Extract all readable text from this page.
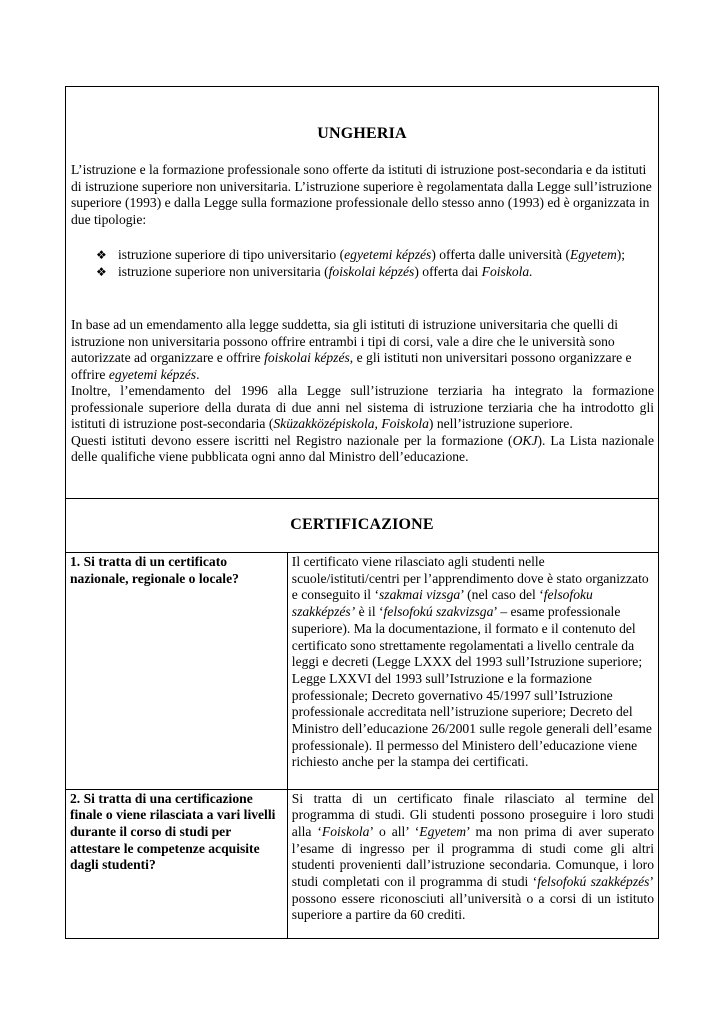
UNGHERIA

L’istruzione e la formazione professionale sono offerte da istituti di istruzione post-secondaria e da istituti di istruzione superiore non universitaria. L’istruzione superiore è regolamentata dalla Legge sull’istruzione superiore (1993) e dalla Legge sulla formazione professionale dello stesso anno (1993) ed è organizzata in due tipologie:

❖ istruzione superiore di tipo universitario (egyetemi képzés) offerta dalle università (Egyetem);
❖ istruzione superiore non universitaria (foiskolai képzés) offerta dai Foiskola.

In base ad un emendamento alla legge suddetta, sia gli istituti di istruzione universitaria che quelli di istruzione non universitaria possono offrire entrambi i tipi di corsi, vale a dire che le università sono autorizzate ad organizzare e offrire foiskolai képzés, e gli istituti non universitari possono organizzare e offrire egyetemi képzés.

Inoltre, l’emendamento del 1996 alla Legge sull’istruzione terziaria ha integrato la formazione professionale superiore della durata di due anni nel sistema di istruzione terziaria che ha introdotto gli istituti di istruzione post-secondaria (Sküzakközépiskola, Foiskola) nell’istruzione superiore.

Questi istituti devono essere iscritti nel Registro nazionale per la formazione (OKJ). La Lista nazionale delle qualifiche viene pubblicata ogni anno dal Ministro dell’educazione.

CERTIFICAZIONE
1. Si tratta di un certificato nazionale, regionale o locale?	Il certificato viene rilasciato agli studenti nelle scuole/istituti/centri per l’apprendimento dove è stato organizzato e conseguito il ‘szakmai vizsga’ (nel caso del ‘felsofoku szakképzés’ è il ‘felsofokú szakvizsga’ – esame professionale superiore). Ma la documentazione, il formato e il contenuto del certificato sono strettamente regolamentati a livello centrale da leggi e decreti (Legge LXXX del 1993 sull’Istruzione superiore; Legge LXXVI del 1993 sull’Istruzione e la formazione professionale; Decreto governativo 45/1997 sull’Istruzione professionale accreditata nell’istruzione superiore; Decreto del Ministro dell’educazione 26/2001 sulle regole generali dell’esame professionale). Il permesso del Ministero dell’educazione viene richiesto anche per la stampa dei certificati.
2. Si tratta di una certificazione finale o viene rilasciata a vari livelli durante il corso di studi per attestare le competenze acquisite dagli studenti?	Si tratta di un certificato finale rilasciato al termine del programma di studi. Gli studenti possono proseguire i loro studi alla ‘Foiskola’ o all’ ‘Egyetem’ ma non prima di aver superato l’esame di ingresso per il programma di studi come gli altri studenti provenienti dall’istruzione secondaria. Comunque, i loro studi completati con il programma di studi ‘felsofokú szakképzés’ possono essere riconosciuti all’università o a corsi di un istituto superiore a partire da 60 crediti.
